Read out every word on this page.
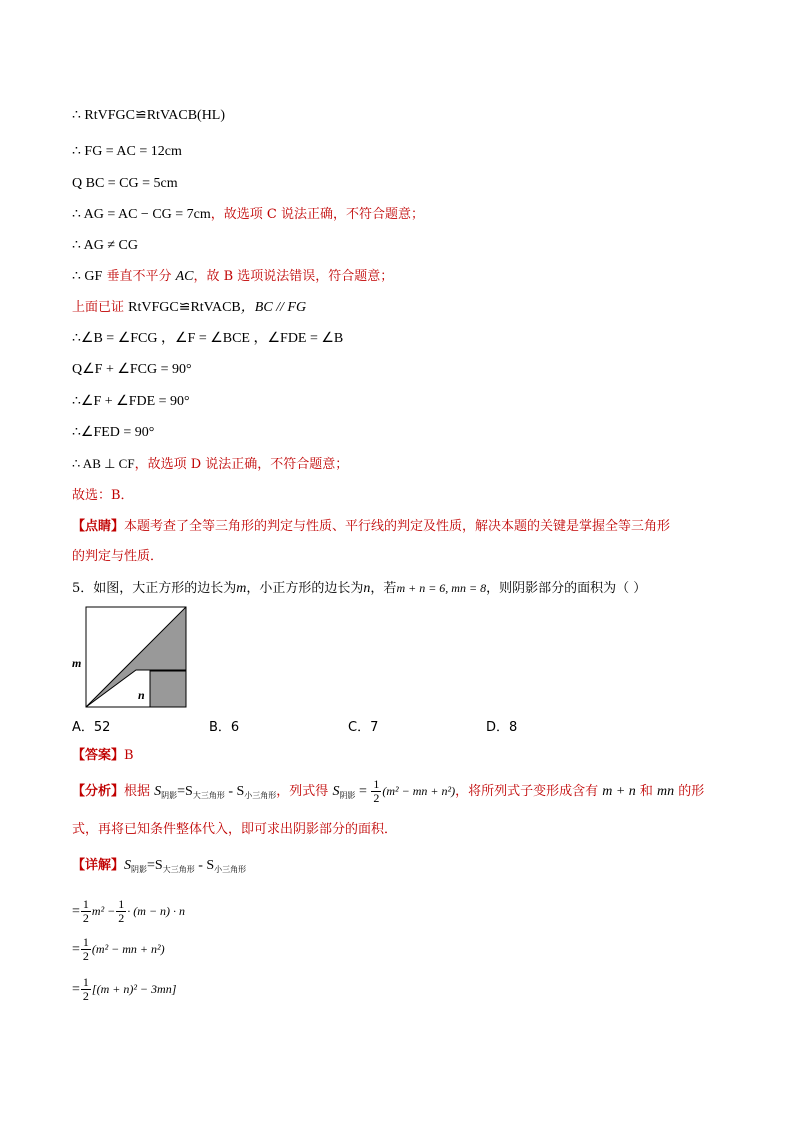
∴ RtVFGC≌RtVACB(HL)
∴ FG = AC = 12cm
Q BC = CG = 5cm
∴ AG = AC − CG = 7cm，故选项 C 说法正确，不符合题意；
∴ AG ≠ CG
∴ GF 垂直不平分 AC，故 B 选项说法错误，符合题意；
上面已证 RtVFGC≌RtVACB，BC // FG
∴∠B = ∠FCG ，∠F = ∠BCE ，∠FDE = ∠B
Q∠F + ∠FCG = 90°
∴∠F + ∠FDE = 90°
∴∠FED = 90°
∴ AB ⊥ CF，故选项 D 说法正确，不符合题意；
故选：B．
【点睛】本题考查了全等三角形的判定与性质、平行线的判定及性质，解决本题的关键是掌握全等三角形
的判定与性质．
5．如图，大正方形的边长为m，小正方形的边长为n，若m + n = 6, mn = 8，则阴影部分的面积为（ ）
m
n
A．52	B．6	C．7	D．8
【答案】B
【分析】根据 $S_{阴影}=S_{大三角形} - S_{小三角形}$，列式得 $S_{阴影} = \frac{1}{2} (m^2$ − mn + n²)，将所列式子变形成含有 m + n 和 mn 的形
式，再将已知条件整体代入，即可求出阴影部分的面积．
【详解】$S_{阴影}=S_{大三角形} - S_{小三角形}$
= $\frac{1}{2} m^2 - \frac{1}{2} \cdot (m - n) \cdot n$
= $\frac{1}{2} (m^2$ − mn + n²)
= $\frac{1}{2} [(m + n)^2 - 3mn]$
